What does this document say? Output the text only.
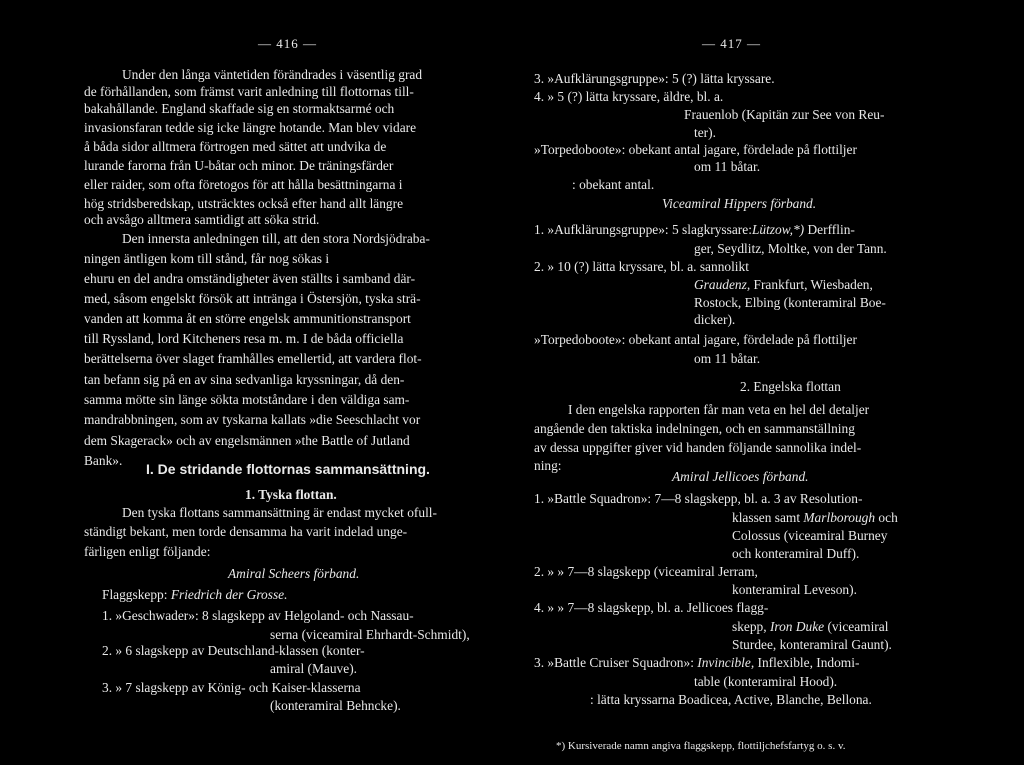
— 416 —	— 417 —
Under den långa väntetiden förändrades i väsentlig grad
de förhållanden, som främst varit anledning till flottornas till-
bakahållande. England skaffade sig en stormaktsarmé och
invasionsfaran tedde sig icke längre hotande. Man blev vidare
å båda sidor alltmera förtrogen med sättet att undvika de
lurande farorna från U-båtar och minor. De träningsfärder
eller raider, som ofta företogos för att hålla besättningarna i
hög stridsberedskap, utsträcktes också efter hand allt längre
och avsågo alltmera samtidigt att söka strid.
Den innersta anledningen till, att den stora Nordsjödraba-
ningen äntligen kom till stånd, får nog sökas i
ehuru en del andra omständigheter även ställts i samband där-
med, såsom engelskt försök att intränga i Östersjön, tyska strä-
vanden att komma åt en större engelsk ammunitionstransport
till Ryssland, lord Kitcheners resa m. m. I de båda officiella
berättelserna över slaget framhålles emellertid, att vardera flot-
tan befann sig på en av sina sedvanliga kryssningar, då den-
samma mötte sin länge sökta motståndare i den väldiga sam-
mandrabbningen, som av tyskarna kallats »die Seeschlacht vor
dem Skagerack» och av engelsmännen »the Battle of Jutland
Bank».
I. De stridande flottornas sammansättning.
1. Tyska flottan.
Den tyska flottans sammansättning är endast mycket ofull-
ständigt bekant, men torde densamma ha varit indelad unge-
färligen enligt följande:
Amiral Scheers förband.
Flaggskepp: Friedrich der Grosse.
1. »Geschwader»: 8 slagskepp av Helgoland- och Nassau-
serna (viceamiral Ehrhardt-Schmidt),
2. » 6 slagskepp av Deutschland-klassen (konter-
amiral (Mauve).
3. » 7 slagskepp av König- och Kaiser-klasserna
(konteramiral Behncke).
3. »Aufklärungsgruppe»: 5 (?) lätta kryssare.
4. » 5 (?) lätta kryssare, äldre, bl. a.
Frauenlob (Kapitän zur See von Reu-
ter).
»Torpedoboote»: obekant antal jagare, fördelade på flottiljer
om 11 båtar.
: obekant antal.
Viceamiral Hippers förband.
1. »Aufklärungsgruppe»: 5 slagkryssare:Lützow,*) Derfflin-
ger, Seydlitz, Moltke, von der Tann.
2. » 10 (?) lätta kryssare, bl. a. sannolikt
Graudenz, Frankfurt, Wiesbaden,
Rostock, Elbing (konteramiral Boe-
dicker).
»Torpedoboote»: obekant antal jagare, fördelade på flottiljer
om 11 båtar.
2. Engelska flottan
I den engelska rapporten får man veta en hel del detaljer
angående den taktiska indelningen, och en sammanställning
av dessa uppgifter giver vid handen följande sannolika indel-
ning:
Amiral Jellicoes förband.
1. »Battle Squadron»: 7—8 slagskepp, bl. a. 3 av Resolution-
klassen samt Marlborough och
Colossus (viceamiral Burney
och konteramiral Duff).
2. » » 7—8 slagskepp (viceamiral Jerram,
konteramiral Leveson).
4. » » 7—8 slagskepp, bl. a. Jellicoes flagg-
skepp, Iron Duke (viceamiral
Sturdee, konteramiral Gaunt).
3. »Battle Cruiser Squadron»: Invincible, Inflexible, Indomi-
table (konteramiral Hood).
: lätta kryssarna Boadicea, Active, Blanche, Bellona.
*) Kursiverade namn angiva flaggskepp, flottiljchefsfartyg o. s. v.
